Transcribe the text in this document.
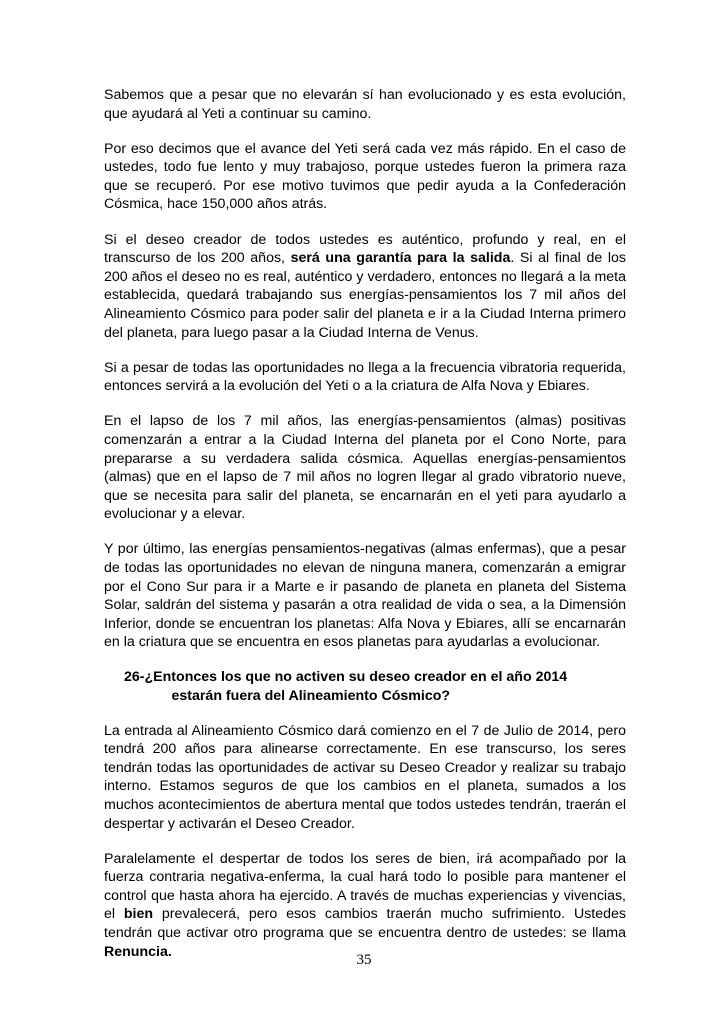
Sabemos que a pesar que no elevarán sí han evolucionado y es esta evolución, que ayudará al Yeti a continuar su camino.

Por eso decimos que el avance del Yeti será cada vez más rápido. En el caso de ustedes, todo fue lento y muy trabajoso, porque ustedes fueron la primera raza que se recuperó. Por ese motivo tuvimos que pedir ayuda a la Confederación Cósmica, hace 150,000 años atrás.

Si el deseo creador de todos ustedes es auténtico, profundo y real, en el transcurso de los 200 años, será una garantía para la salida. Si al final de los 200 años el deseo no es real, auténtico y verdadero, entonces no llegará a la meta establecida, quedará trabajando sus energías-pensamientos los 7 mil años del Alineamiento Cósmico para poder salir del planeta e ir a la Ciudad Interna primero del planeta, para luego pasar a la Ciudad Interna de Venus.

Si a pesar de todas las oportunidades no llega a la frecuencia vibratoria requerida, entonces servirá a la evolución del Yeti o a la criatura de Alfa Nova y Ebiares.

En el lapso de los 7 mil años, las energías-pensamientos (almas) positivas comenzarán a entrar a la Ciudad Interna del planeta por el Cono Norte, para prepararse a su verdadera salida cósmica. Aquellas energías-pensamientos (almas) que en el lapso de 7 mil años no logren llegar al grado vibratorio nueve, que se necesita para salir del planeta, se encarnarán en el yeti para ayudarlo a evolucionar y a elevar.

Y por último, las energías pensamientos-negativas (almas enfermas), que a pesar de todas las oportunidades no elevan de ninguna manera, comenzarán a emigrar por el Cono Sur para ir a Marte e ir pasando de planeta en planeta del Sistema Solar, saldrán del sistema y pasarán a otra realidad de vida o sea, a la Dimensión Inferior, donde se encuentran los planetas: Alfa Nova y Ebiares, allí se encarnarán en la criatura que se encuentra en esos planetas para ayudarlas a evolucionar.

26- ¿Entonces los que no activen su deseo creador en el año 2014
estarán fuera del Alineamiento Cósmico?

La entrada al Alineamiento Cósmico dará comienzo en el 7 de Julio de 2014, pero tendrá 200 años para alinearse correctamente. En ese transcurso, los seres tendrán todas las oportunidades de activar su Deseo Creador y realizar su trabajo interno. Estamos seguros de que los cambios en el planeta, sumados a los muchos acontecimientos de abertura mental que todos ustedes tendrán, traerán el despertar y activarán el Deseo Creador.

Paralelamente el despertar de todos los seres de bien, irá acompañado por la fuerza contraria negativa-enferma, la cual hará todo lo posible para mantener el control que hasta ahora ha ejercido. A través de muchas experiencias y vivencias, el bien prevalecerá, pero esos cambios traerán mucho sufrimiento. Ustedes tendrán que activar otro programa que se encuentra dentro de ustedes: se llama Renuncia.

35
